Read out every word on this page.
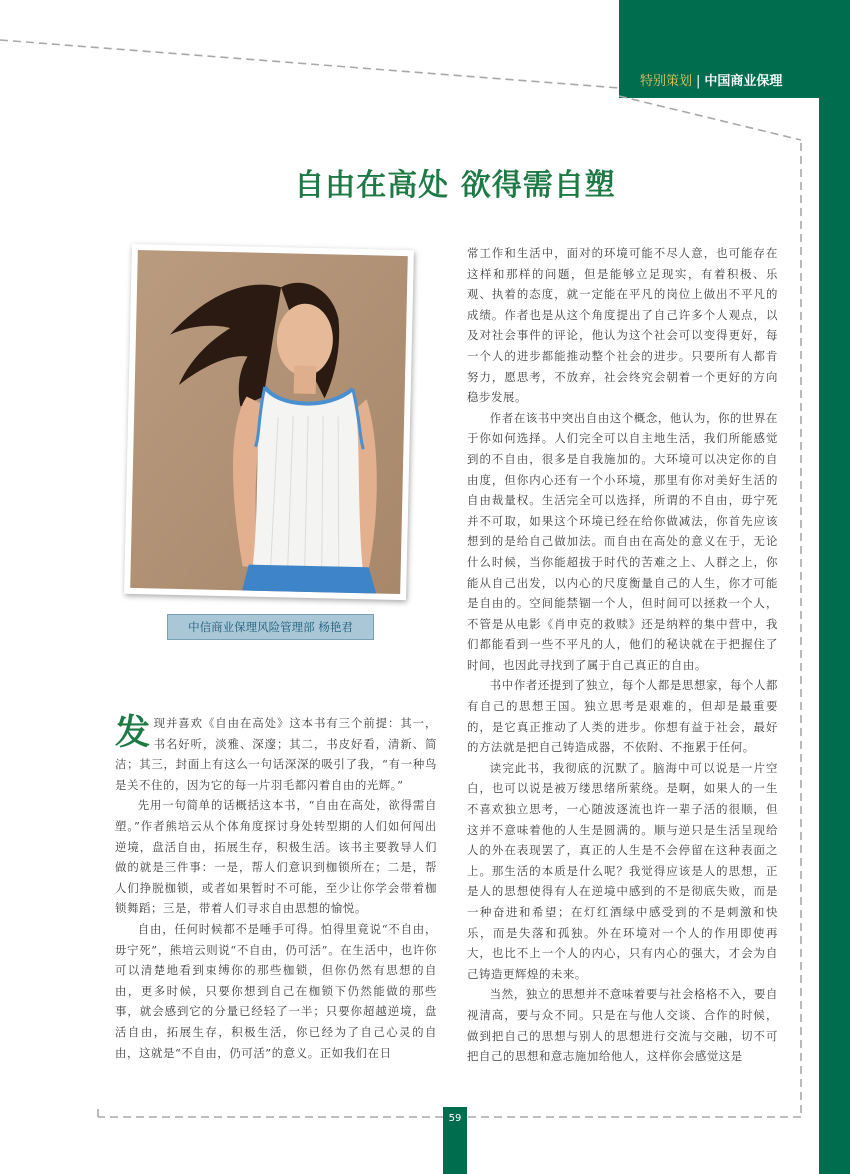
特别策划 | 中国商业保理
自由在高处 欲得需自塑
中信商业保理风险管理部 杨艳君

发现并喜欢《自由在高处》这本书有三个前提：其一，书名好听，淡雅、深邃；其二，书皮好看，清新、简洁；其三，封面上有这么一句话深深的吸引了我，“有一种鸟是关不住的，因为它的每一片羽毛都闪着自由的光辉。”

先用一句简单的话概括这本书，“自由在高处，欲得需自塑。”作者熊培云从个体角度探讨身处转型期的人们如何闯出逆境，盘活自由，拓展生存，积极生活。该书主要教导人们做的就是三件事：一是，帮人们意识到枷锁所在；二是，帮人们挣脱枷锁，或者如果暂时不可能，至少让你学会带着枷锁舞蹈；三是，带着人们寻求自由思想的愉悦。

自由，任何时候都不是唾手可得。怕得里竟说“不自由，毋宁死”，熊培云则说“不自由，仍可活”。在生活中，也许你可以清楚地看到束缚你的那些枷锁，但你仍然有思想的自由，更多时候，只要你想到自己在枷锁下仍然能做的那些事，就会感到它的分量已经轻了一半；只要你超越逆境，盘活自由，拓展生存，积极生活，你已经为了自己心灵的自由，这就是“不自由，仍可活”的意义。正如我们在日

常工作和生活中，面对的环境可能不尽人意，也可能存在这样和那样的问题，但是能够立足现实，有着积极、乐观、执着的态度，就一定能在平凡的岗位上做出不平凡的成绩。作者也是从这个角度提出了自己许多个人观点，以及对社会事件的评论，他认为这个社会可以变得更好，每一个人的进步都能推动整个社会的进步。只要所有人都肯努力，愿思考，不放弃，社会终究会朝着一个更好的方向稳步发展。

作者在该书中突出自由这个概念，他认为，你的世界在于你如何选择。人们完全可以自主地生活，我们所能感觉到的不自由，很多是自我施加的。大环境可以决定你的自由度，但你内心还有一个小环境，那里有你对美好生活的自由裁量权。生活完全可以选择，所谓的不自由，毋宁死并不可取，如果这个环境已经在给你做减法，你首先应该想到的是给自己做加法。而自由在高处的意义在于，无论什么时候，当你能超拔于时代的苦难之上、人群之上，你能从自己出发，以内心的尺度衡量自己的人生，你才可能是自由的。空间能禁锢一个人，但时间可以拯救一个人，不管是从电影《肖申克的救赎》还是纳粹的集中营中，我们都能看到一些不平凡的人，他们的秘诀就在于把握住了时间，也因此寻找到了属于自己真正的自由。

书中作者还提到了独立，每个人都是思想家，每个人都有自己的思想王国。独立思考是艰难的，但却是最重要的，是它真正推动了人类的进步。你想有益于社会，最好的方法就是把自己铸造成器，不依附、不拖累于任何。

读完此书，我彻底的沉默了。脑海中可以说是一片空白，也可以说是被万缕思绪所萦绕。是啊，如果人的一生不喜欢独立思考，一心随波逐流也许一辈子活的很顺，但这并不意味着他的人生是圆满的。顺与逆只是生活呈现给人的外在表现罢了，真正的人生是不会停留在这种表面之上。那生活的本质是什么呢？我觉得应该是人的思想，正是人的思想使得有人在逆境中感到的不是彻底失败，而是一种奋进和希望；在灯红酒绿中感受到的不是刺激和快乐，而是失落和孤独。外在环境对一个人的作用即使再大，也比不上一个人的内心，只有内心的强大，才会为自己铸造更辉煌的未来。

当然，独立的思想并不意味着要与社会格格不入，要自视清高，要与众不同。只是在与他人交谈、合作的时候，做到把自己的思想与别人的思想进行交流与交融，切不可把自己的思想和意志施加给他人，这样你会感觉这是

59
